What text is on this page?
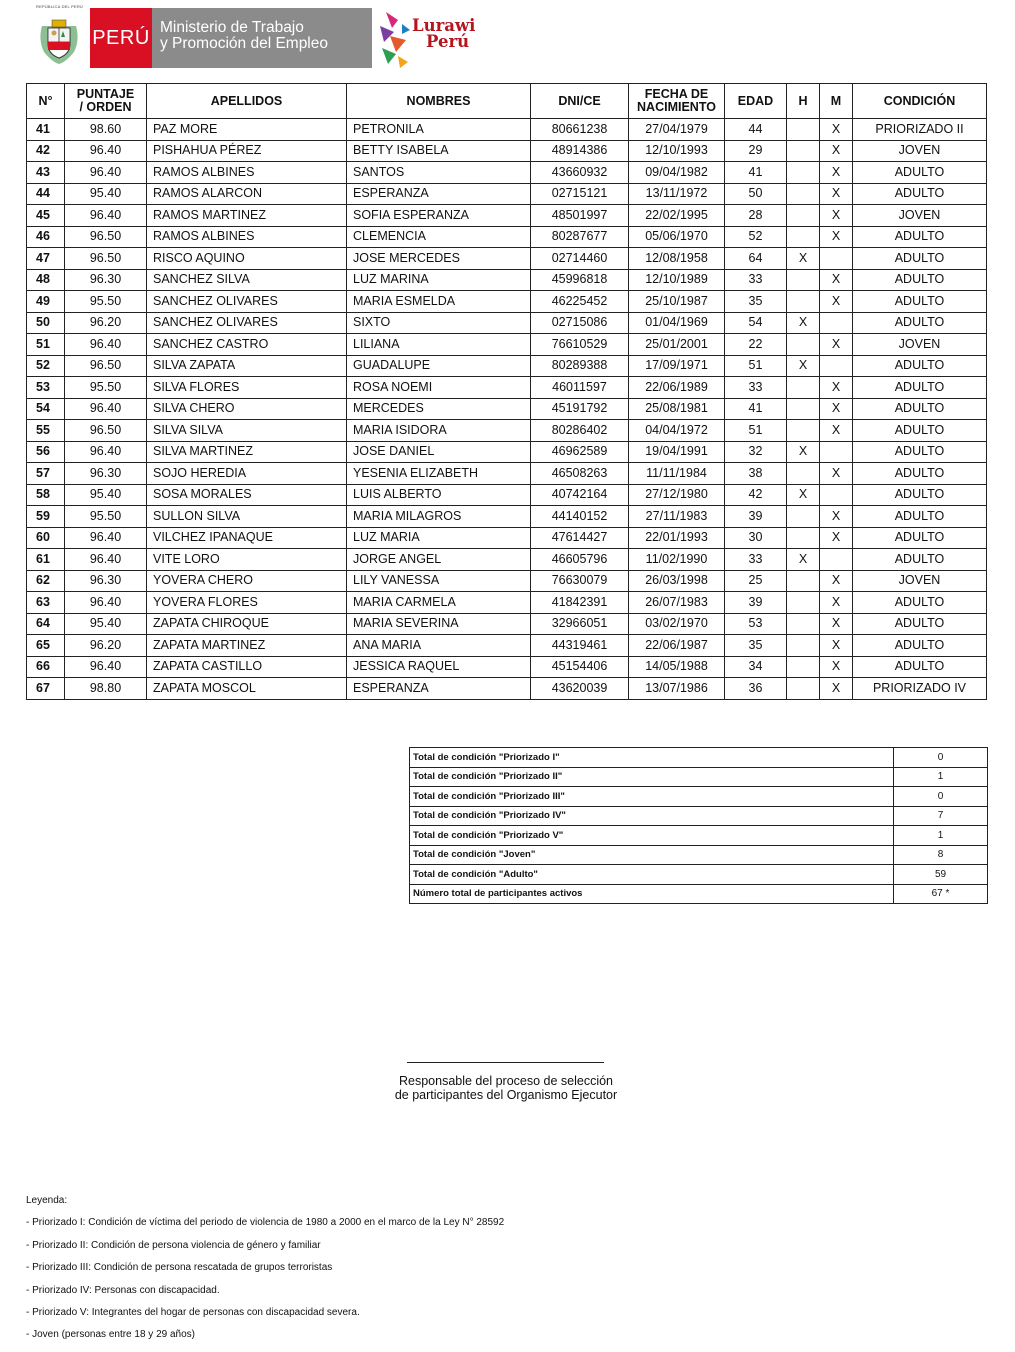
REPÚBLICA DEL PERÚ
PERÚ Ministerio de Trabajo
y Promoción del Empleo
Lurawi
Perú
N°	PUNTAJE
/ ORDEN	APELLIDOS	NOMBRES	DNI/CE	FECHA DE
NACIMIENTO	EDAD	H	M	CONDICIÓN
41	98.60	PAZ MORE	PETRONILA	80661238	27/04/1979	44		X	PRIORIZADO II
42	96.40	PISHAHUA PÉREZ	BETTY ISABELA	48914386	12/10/1993	29		X	JOVEN
43	96.40	RAMOS ALBINES	SANTOS	43660932	09/04/1982	41		X	ADULTO
44	95.40	RAMOS ALARCON	ESPERANZA	02715121	13/11/1972	50		X	ADULTO
45	96.40	RAMOS MARTINEZ	SOFIA ESPERANZA	48501997	22/02/1995	28		X	JOVEN
46	96.50	RAMOS ALBINES	CLEMENCIA	80287677	05/06/1970	52		X	ADULTO
47	96.50	RISCO AQUINO	JOSE MERCEDES	02714460	12/08/1958	64	X		ADULTO
48	96.30	SANCHEZ SILVA	LUZ MARINA	45996818	12/10/1989	33		X	ADULTO
49	95.50	SANCHEZ OLIVARES	MARIA ESMELDA	46225452	25/10/1987	35		X	ADULTO
50	96.20	SANCHEZ OLIVARES	SIXTO	02715086	01/04/1969	54	X		ADULTO
51	96.40	SANCHEZ CASTRO	LILIANA	76610529	25/01/2001	22		X	JOVEN
52	96.50	SILVA ZAPATA	GUADALUPE	80289388	17/09/1971	51	X		ADULTO
53	95.50	SILVA FLORES	ROSA NOEMI	46011597	22/06/1989	33		X	ADULTO
54	96.40	SILVA CHERO	MERCEDES	45191792	25/08/1981	41		X	ADULTO
55	96.50	SILVA SILVA	MARIA ISIDORA	80286402	04/04/1972	51		X	ADULTO
56	96.40	SILVA MARTINEZ	JOSE DANIEL	46962589	19/04/1991	32	X		ADULTO
57	96.30	SOJO HEREDIA	YESENIA ELIZABETH	46508263	11/11/1984	38		X	ADULTO
58	95.40	SOSA MORALES	LUIS ALBERTO	40742164	27/12/1980	42	X		ADULTO
59	95.50	SULLON SILVA	MARIA MILAGROS	44140152	27/11/1983	39		X	ADULTO
60	96.40	VILCHEZ IPANAQUE	LUZ MARIA	47614427	22/01/1993	30		X	ADULTO
61	96.40	VITE LORO	JORGE ANGEL	46605796	11/02/1990	33	X		ADULTO
62	96.30	YOVERA CHERO	LILY VANESSA	76630079	26/03/1998	25		X	JOVEN
63	96.40	YOVERA FLORES	MARIA CARMELA	41842391	26/07/1983	39		X	ADULTO
64	95.40	ZAPATA CHIROQUE	MARIA SEVERINA	32966051	03/02/1970	53		X	ADULTO
65	96.20	ZAPATA MARTINEZ	ANA MARIA	44319461	22/06/1987	35		X	ADULTO
66	96.40	ZAPATA CASTILLO	JESSICA RAQUEL	45154406	14/05/1988	34		X	ADULTO
67	98.80	ZAPATA MOSCOL	ESPERANZA	43620039	13/07/1986	36		X	PRIORIZADO IV
Total de condición "Priorizado I"	0
Total de condición "Priorizado II"	1
Total de condición "Priorizado III"	0
Total de condición "Priorizado IV"	7
Total de condición "Priorizado V"	1
Total de condición "Joven"	8
Total de condición "Adulto"	59
Número total de participantes activos	67 *
Responsable del proceso de selección
de participantes del Organismo Ejecutor
Leyenda:
- Priorizado I: Condición de víctima del periodo de violencia de 1980 a 2000 en el marco de la Ley N° 28592
- Priorizado II: Condición de persona violencia de género y familiar
- Priorizado III: Condición de persona rescatada de grupos terroristas
- Priorizado IV: Personas con discapacidad.
- Priorizado V: Integrantes del hogar de personas con discapacidad severa.
- Joven (personas entre 18 y 29 años)
